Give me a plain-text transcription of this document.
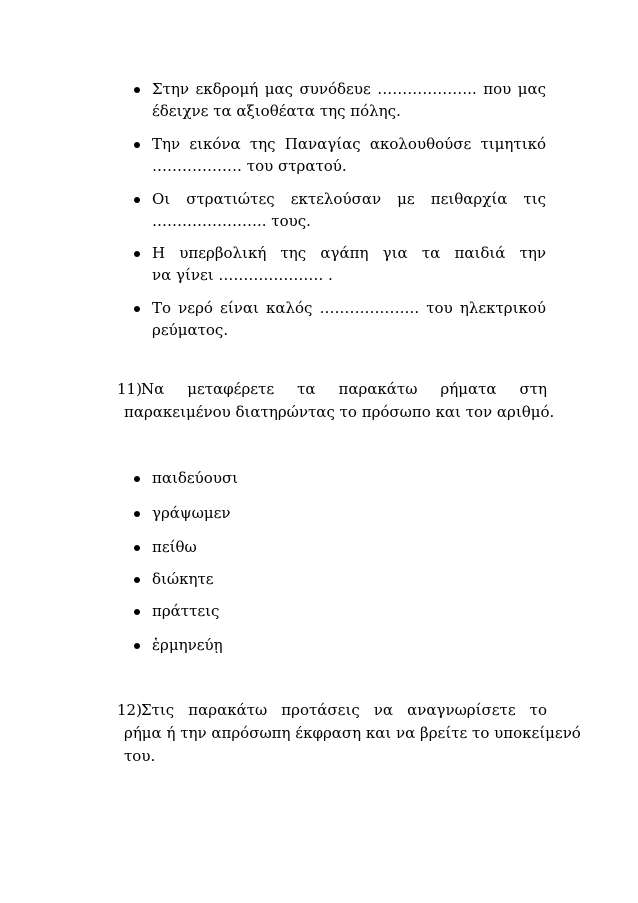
Στην εκδρομή μας συνόδευε ……………….. που μας
έδειχνε τα αξιοθέατα της πόλης.
Την εικόνα της Παναγίας ακολουθούσε τιμητικό
……………… του στρατού.
Οι στρατιώτες εκτελούσαν με πειθαρχία τις
………………….. τους.
Η υπερβολική της αγάπη για τα παιδιά την
να γίνει ………………… .
Το νερό είναι καλός ……………….. του ηλεκτρικού
ρεύματος.
11) Να μεταφέρετε τα παρακάτω ρήματα στη
παρακειμένου διατηρώντας το πρόσωπο και τον αριθμό.
παιδεύουσι
γράψωμεν
πείθω
διώκητε
πράττεις
ἑρμηνεύῃ
12) Στις παρακάτω προτάσεις να αναγνωρίσετε το
ρήμα ή την απρόσωπη έκφραση και να βρείτε το υποκείμενό
του.
